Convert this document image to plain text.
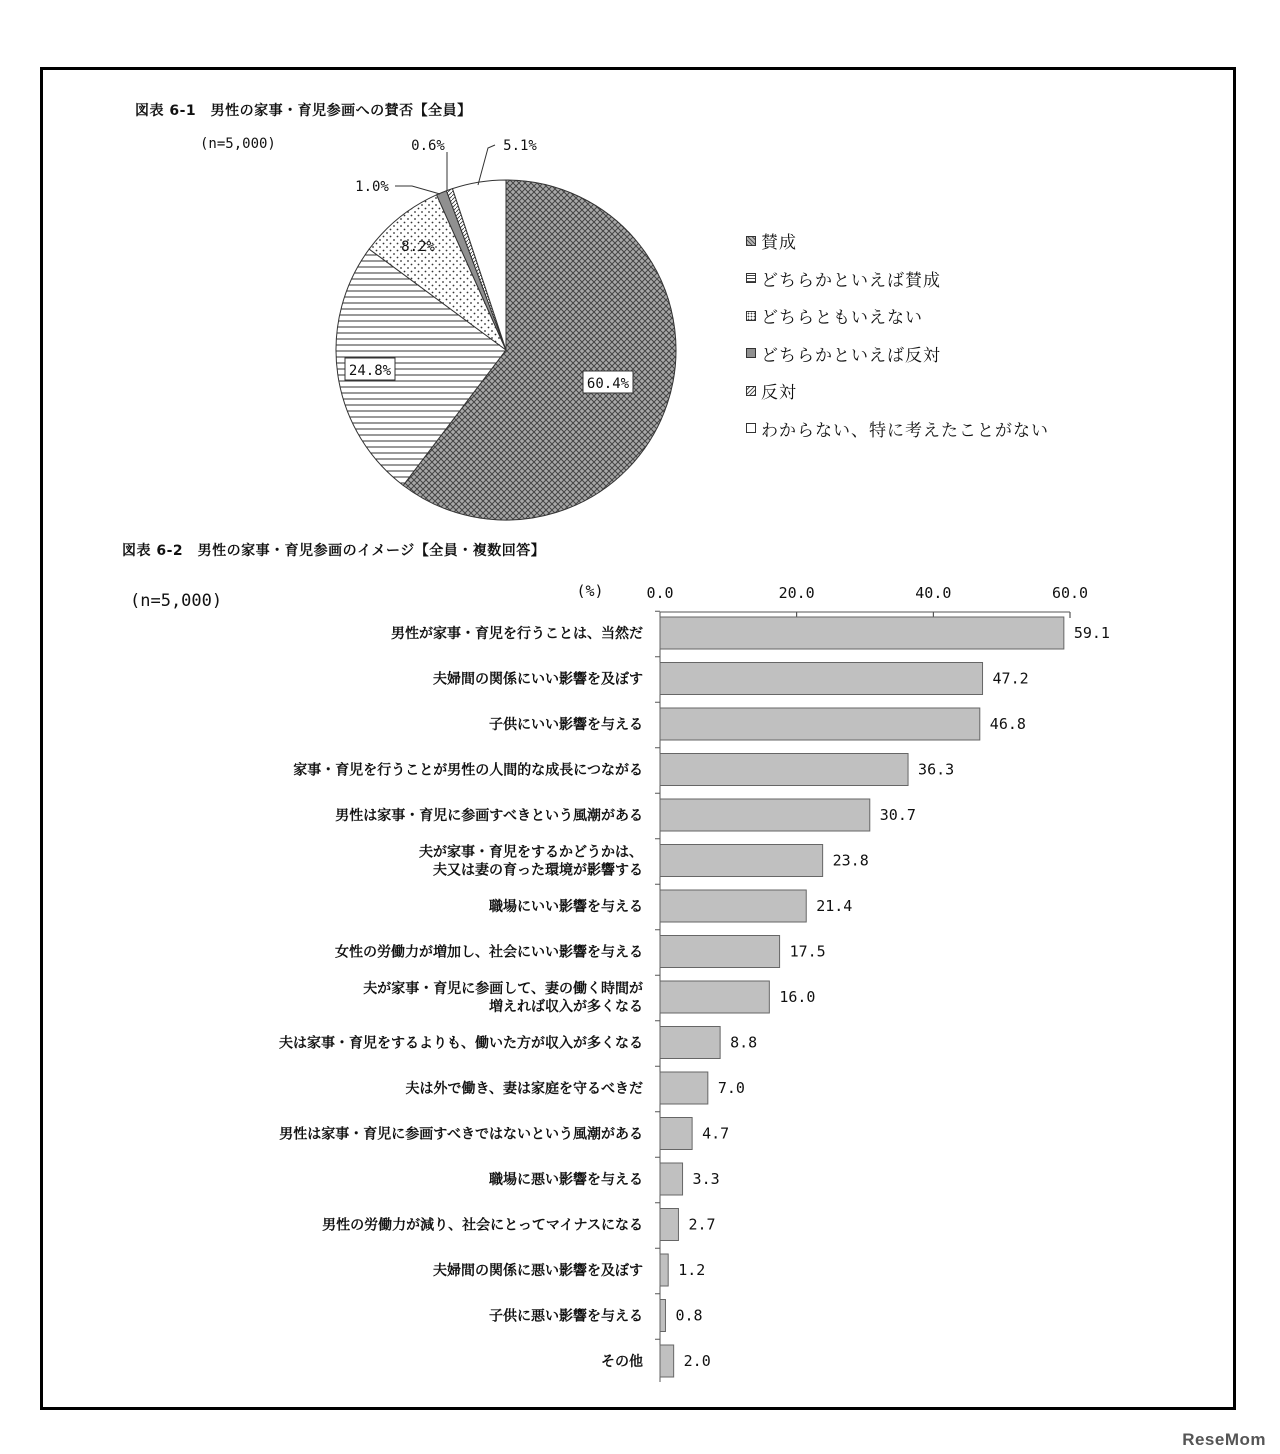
図表 6-1　男性の家事・育児参画への賛否【全員】
(n=5,000)
60.4%
24.8%
8.2%
1.0%
0.6%	5.1%
賛成
どちらかといえば賛成
どちらともいえない
どちらかといえば反対
反対
わからない、特に考えたことがない
図表 6-2　男性の家事・育児参画のイメージ【全員・複数回答】
(n=5,000)	(%)	0.0	20.0	40.0	60.0
59.1
男性が家事・育児を行うことは、当然だ
47.2
夫婦間の関係にいい影響を及ぼす
46.8
子供にいい影響を与える
36.3
家事・育児を行うことが男性の人間的な成長につながる
30.7
男性は家事・育児に参画すべきという風潮がある
23.8
夫が家事・育児をするかどうかは、
夫又は妻の育った環境が影響する
21.4
職場にいい影響を与える
17.5
女性の労働力が増加し、社会にいい影響を与える
16.0
夫が家事・育児に参画して、妻の働く時間が
増えれば収入が多くなる
8.8
夫は家事・育児をするよりも、働いた方が収入が多くなる
7.0
夫は外で働き、妻は家庭を守るべきだ
4.7
男性は家事・育児に参画すべきではないという風潮がある
3.3
職場に悪い影響を与える
2.7
男性の労働力が減り、社会にとってマイナスになる
1.2
夫婦間の関係に悪い影響を及ぼす
0.8
子供に悪い影響を与える
2.0
その他
ReseMom
